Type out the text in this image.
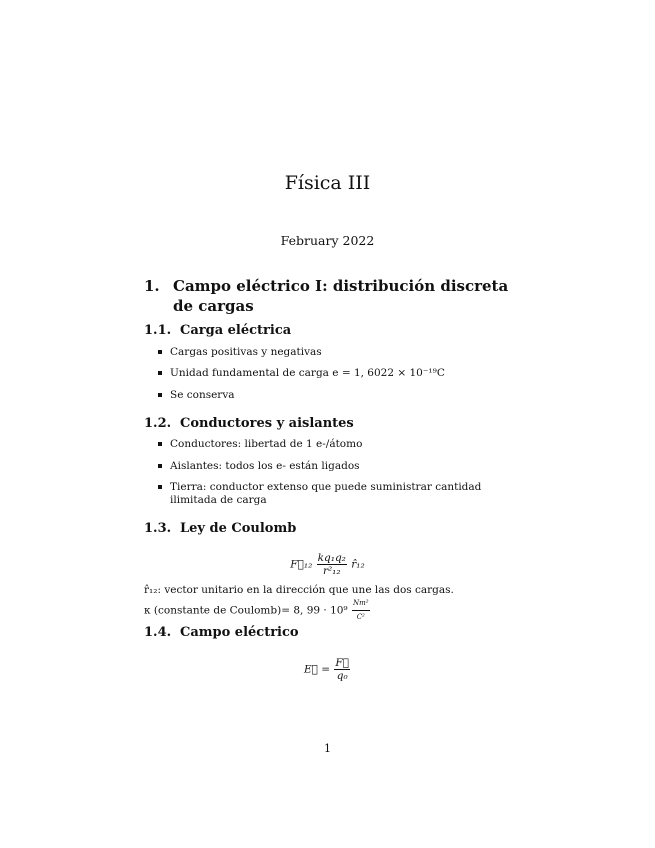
Física III
February 2022
1. Campo eléctrico I: distribución discreta de cargas
1.1. Carga eléctrica
Cargas positivas y negativas
Unidad fundamental de carga e = 1, 6022 × 10⁻¹⁹C
Se conserva
1.2. Conductores y aislantes
Conductores: libertad de 1 e-/átomo
Aislantes: todos los e- están ligados
Tierra: conductor extenso que puede suministrar cantidad ilimitada de carga
1.3. Ley de Coulomb
F⃗₁₂ $\frac{\text{kq₁q₂}}{\text{r²₁₂}}$ r̂₁₂
r̂₁₂: vector unitario en la dirección que une las dos cargas.
κ (constante de Coulomb)= 8, $99 \cdot 10^9 \frac{\text{Nm²}}{\text{C²}}$
1.4. Campo eléctrico
E⃗ = $\frac{F⃗}{\text{q₀}}$
1
